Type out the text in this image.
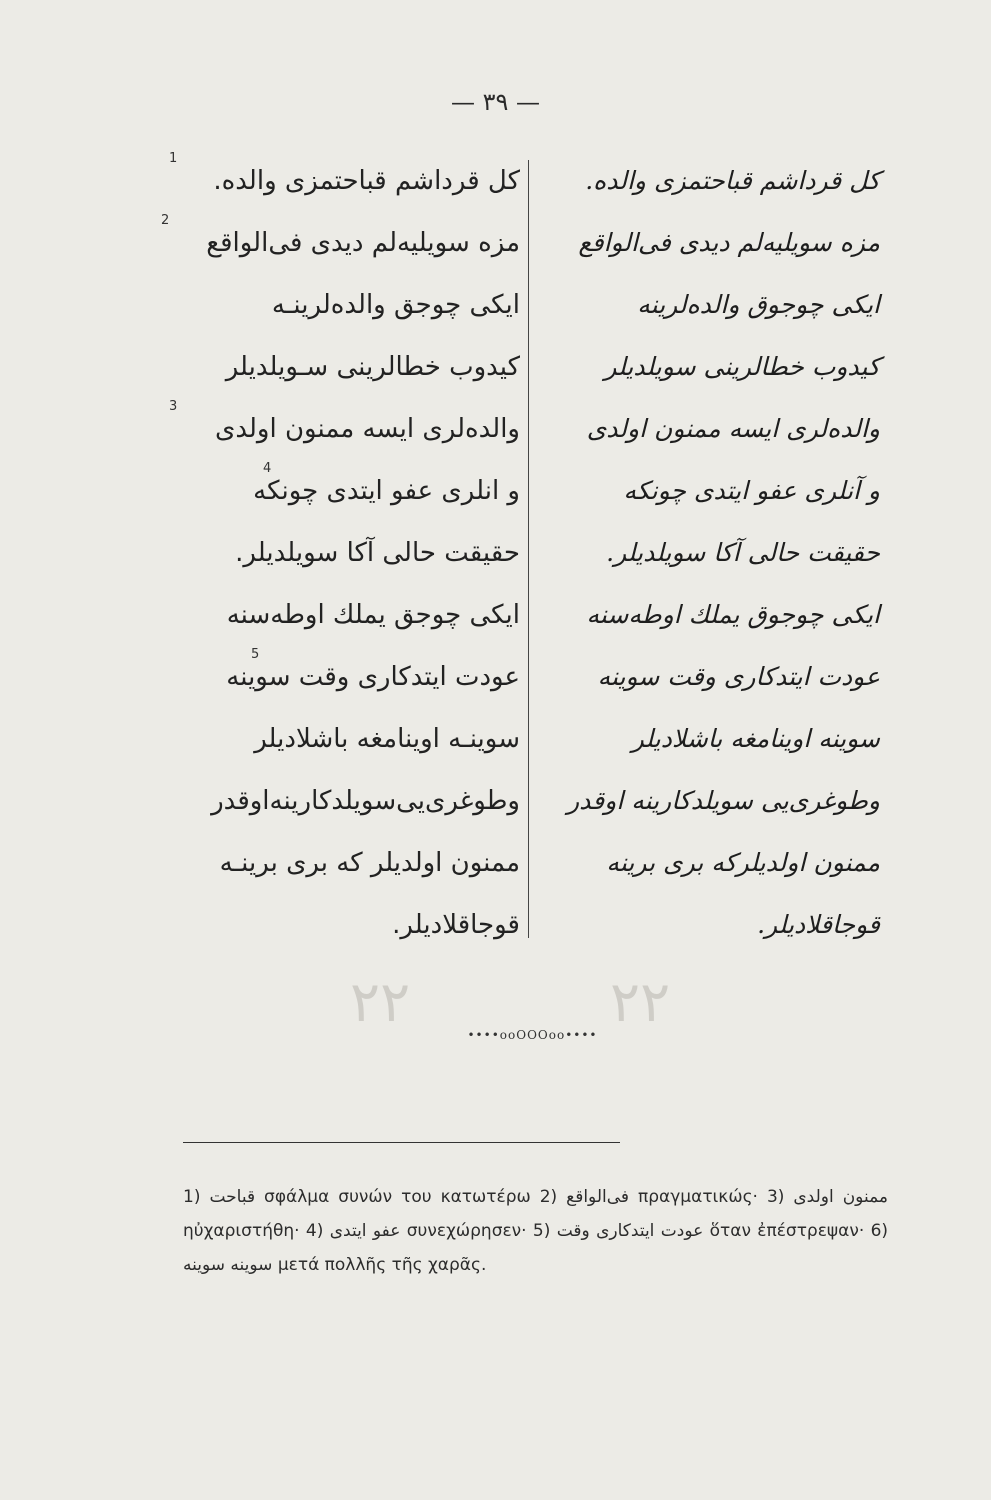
— ٣٩ —
کل قرداشم قباحتمزی والده.
1
مزه سویلیه‌لم دیدی فی‌الواقع
2
ایکی چوجق والده‌لرینـه
کیدوب خطالرینی سـویلدیلر
والده‌لری ایسه ممنون اولدی
3
و انلری عفو ایتدی چونکه
4
حقیقت حالی آکا سویلدیلر.
ایکی چوجق یملك اوطه‌سنه
عودت ایتدکاری وقت سوینه
5
سوینـه اوینامغه باشلادیلر
وطوغری‌یی‌سویلدکارینه‌اوقدر
ممنون اولدیلر که بری برینـه
قوجاقلادیلر.
کل قرداشم قباحتمزی والده.
مزه سویلیه‌لم دیدی فی‌الواقع
ایکی چوجوق والده‌لرینه
کیدوب خطالرینی سویلدیلر
والده‌لری ایسه ممنون اولدی
و آنلری عفو ایتدی چونکه
حقیقت حالی آکا سویلدیلر.
ایکی چوجوق یملك اوطه‌سنه
عودت ایتدکاری وقت سوینه
سوینه اوینامغه باشلادیلر
وطوغری‌یی سویلدکارینه اوقدر
ممنون اولدیلرکه بری برینه
قوجاقلادیلر.
٢٢	٢٢
••••ooOOOoo••••
1) قباحت σφάλμα συνών του κατωτέρω 2) فی‌الواقع πραγματικώς· 3) ممنون اولدی ηὐχαριστήθη· 4) عفو ایتدی συνεχώρησεν· 5) عودت ایتدکاری وقت ὅταν ἐπέστρεψαν· 6) سوینه سوینه μετά πολλῆς τῆς χαρᾶς.
